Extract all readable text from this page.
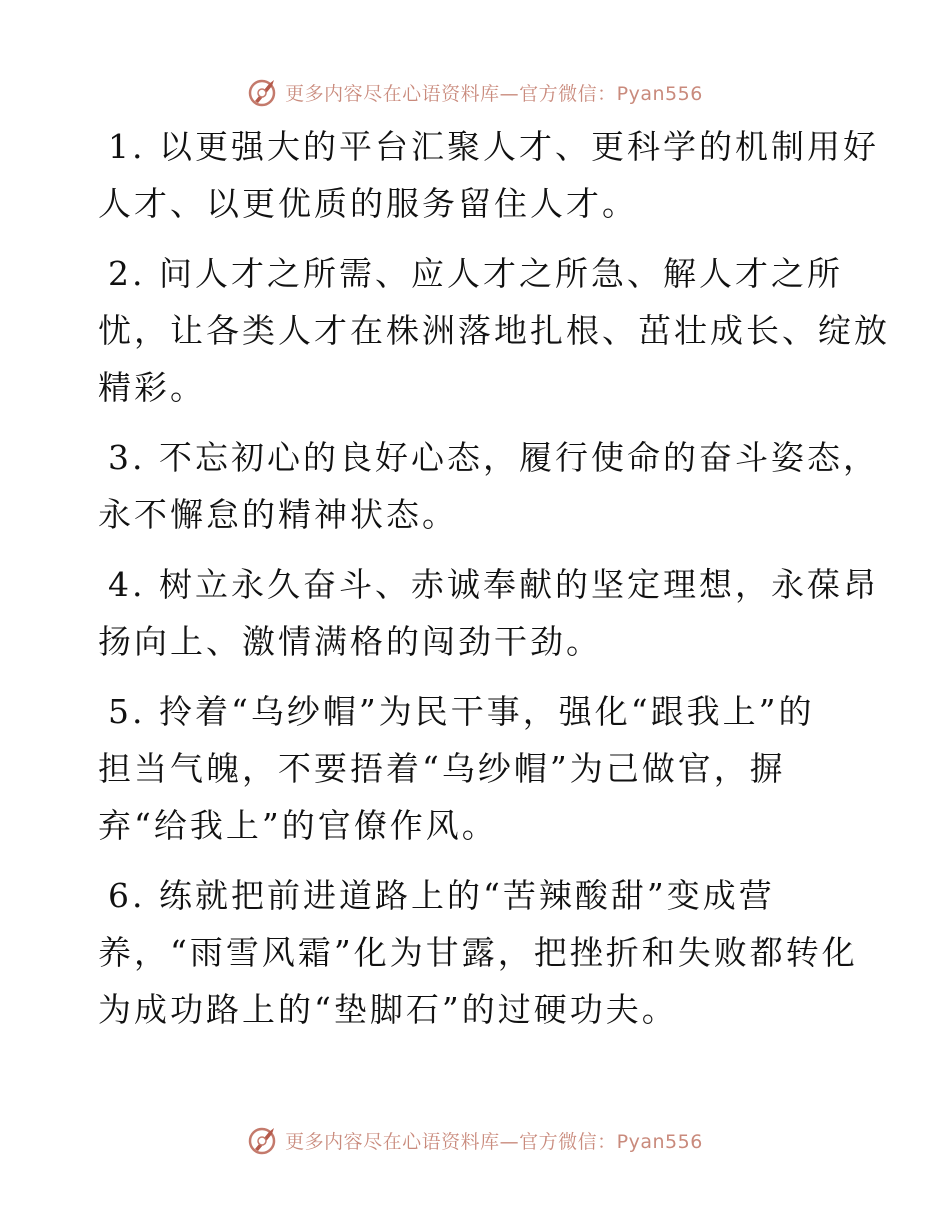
更多内容尽在心语资料库—官方微信：Pyan556
1. 以更强大的平台汇聚人才、更科学的机制用好
人才、以更优质的服务留住人才。
2. 问人才之所需、应人才之所急、解人才之所
忧，让各类人才在株洲落地扎根、茁壮成长、绽放
精彩。
3. 不忘初心的良好心态，履行使命的奋斗姿态，
永不懈怠的精神状态。
4. 树立永久奋斗、赤诚奉献的坚定理想，永葆昂
扬向上、激情满格的闯劲干劲。
5. 拎着“乌纱帽”为民干事，强化“跟我上”的
担当气魄，不要捂着“乌纱帽”为己做官，摒
弃“给我上”的官僚作风。
6. 练就把前进道路上的“苦辣酸甜”变成营
养，“雨雪风霜”化为甘露，把挫折和失败都转化
为成功路上的“垫脚石”的过硬功夫。
更多内容尽在心语资料库—官方微信：Pyan556
